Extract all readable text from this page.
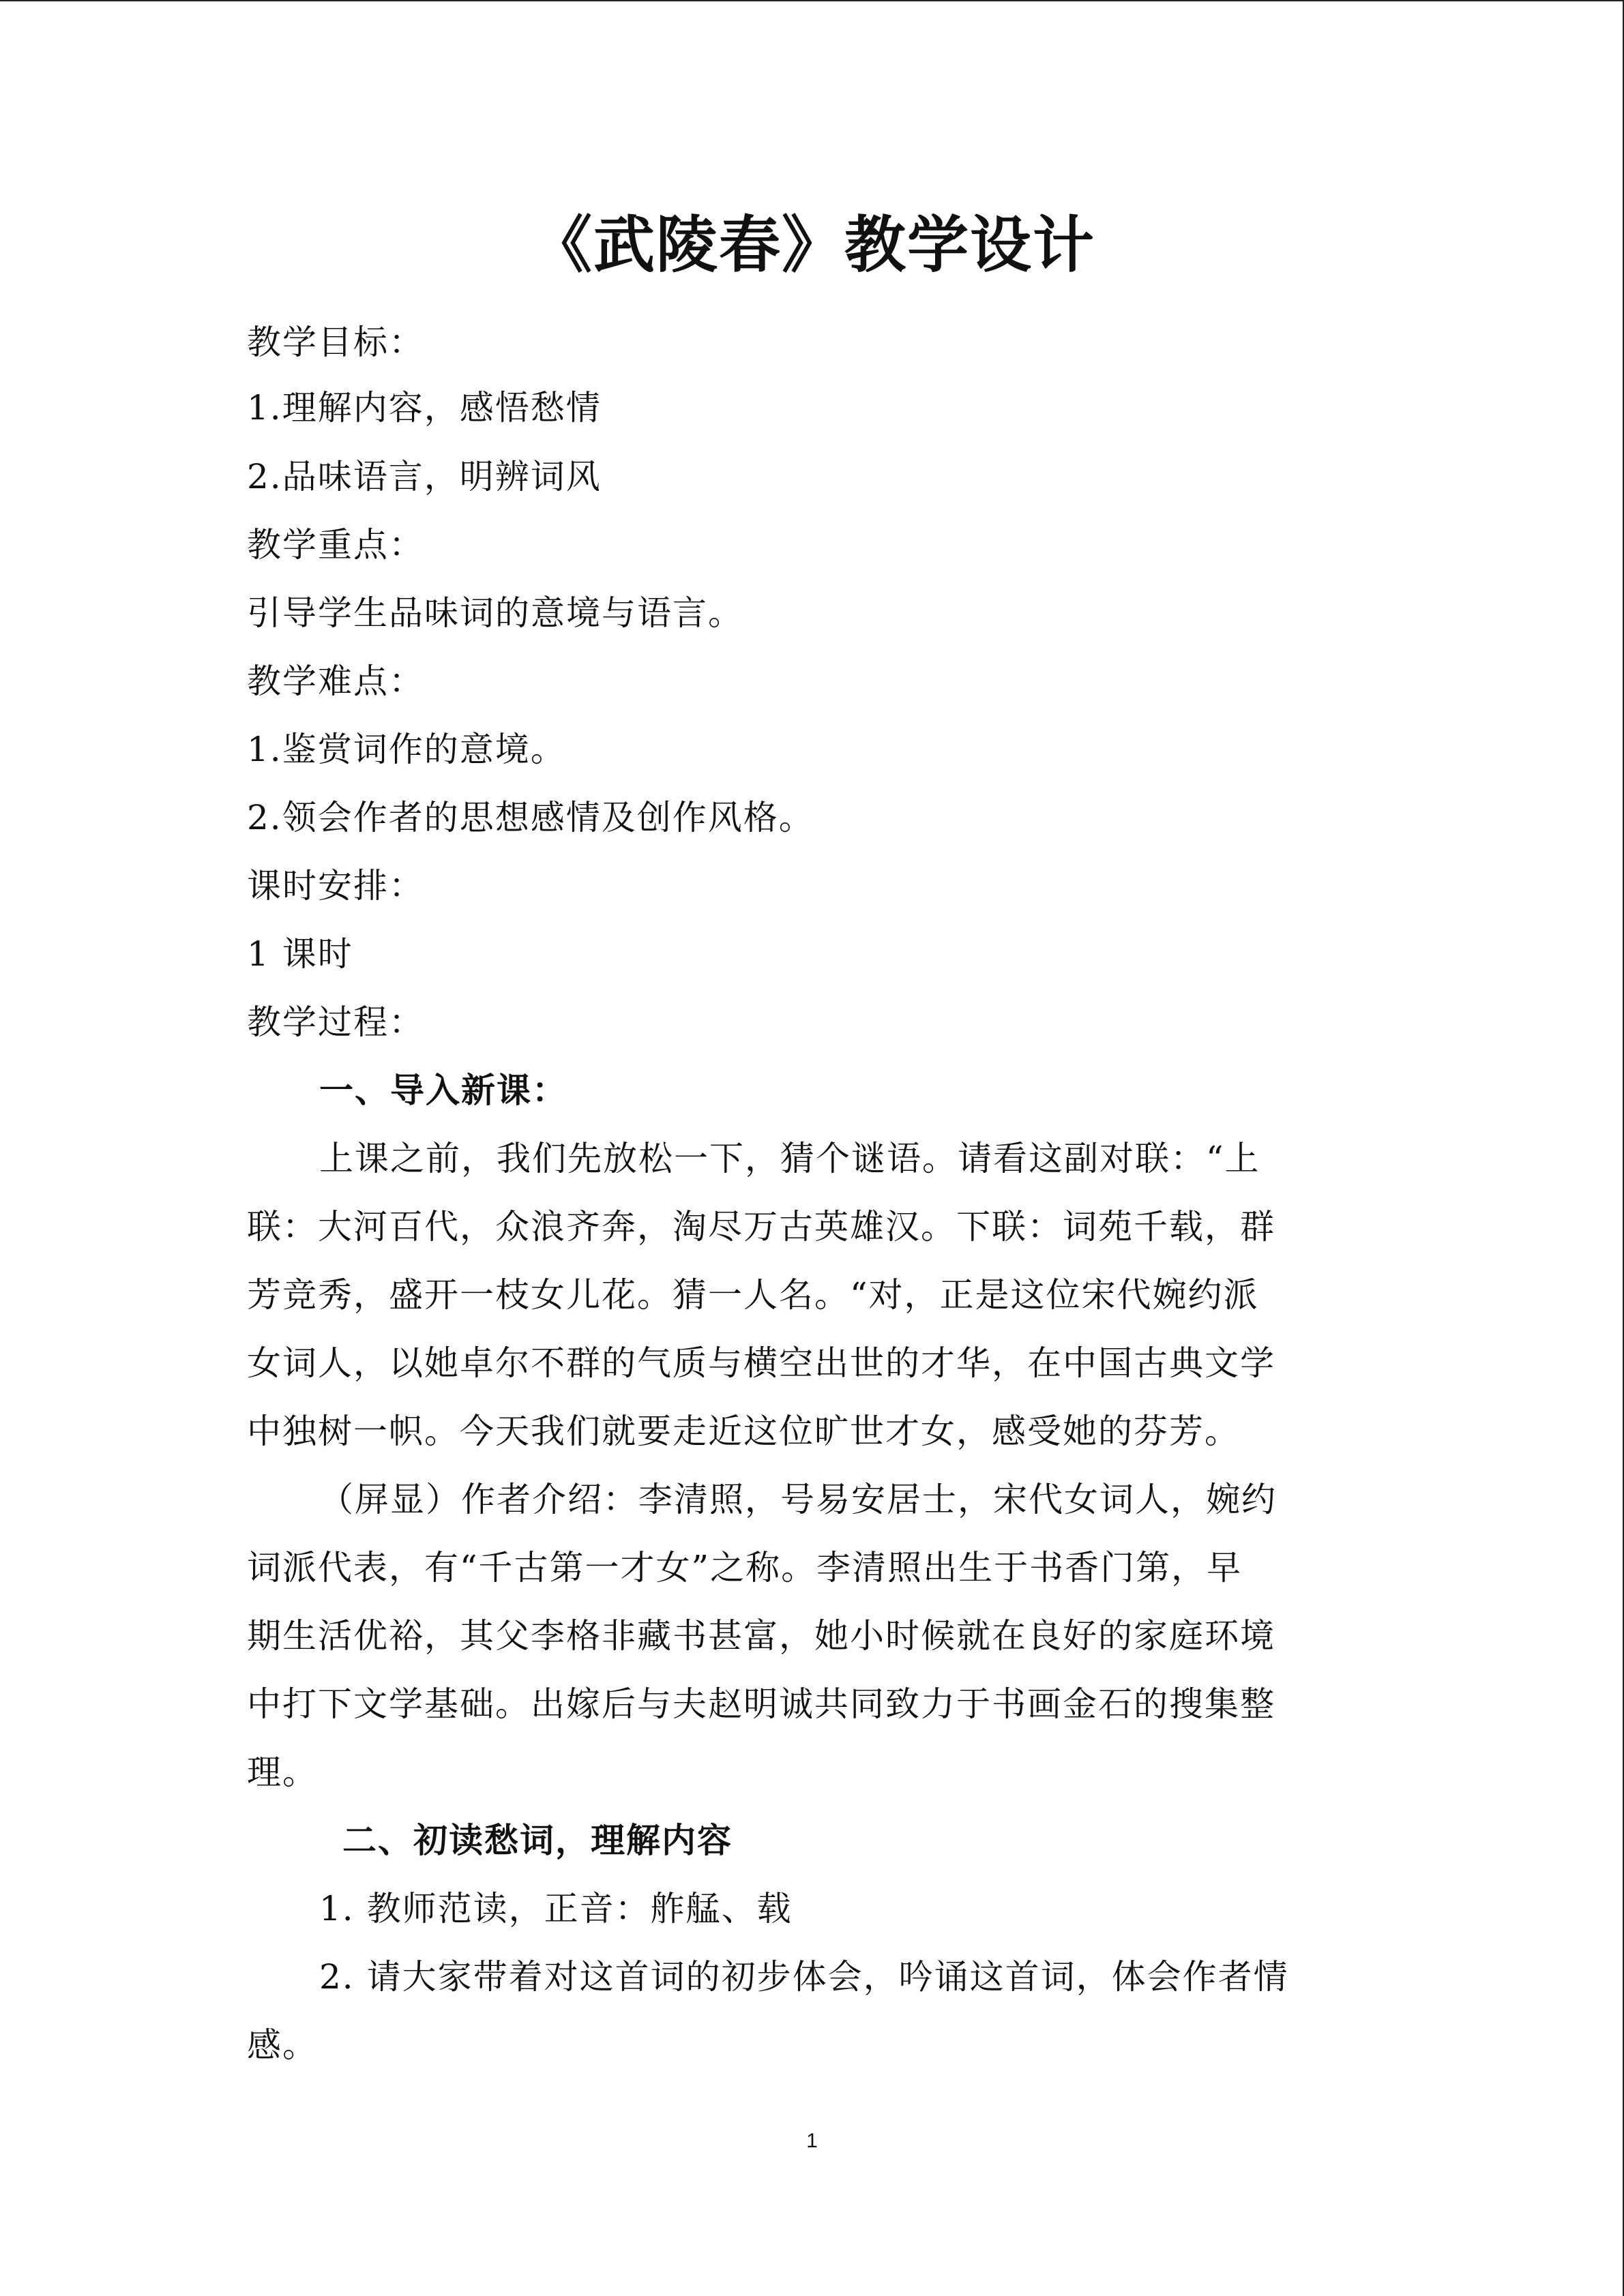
《武陵春》教学设计
教学目标：
1.理解内容，感悟愁情
2.品味语言，明辨词风
教学重点：
引导学生品味词的意境与语言。
教学难点：
1.鉴赏词作的意境。
2.领会作者的思想感情及创作风格。
课时安排：
1 课时
教学过程：
一、导入新课：
上课之前，我们先放松一下，猜个谜语。请看这副对联：“上
联：大河百代，众浪齐奔，淘尽万古英雄汉。下联：词苑千载，群
芳竞秀，盛开一枝女儿花。猜一人名。“对，正是这位宋代婉约派
女词人，以她卓尔不群的气质与横空出世的才华，在中国古典文学
中独树一帜。今天我们就要走近这位旷世才女，感受她的芬芳。
（屏显）作者介绍：李清照，号易安居士，宋代女词人，婉约
词派代表，有“千古第一才女”之称。李清照出生于书香门第，早
期生活优裕，其父李格非藏书甚富，她小时候就在良好的家庭环境
中打下文学基础。出嫁后与夫赵明诚共同致力于书画金石的搜集整
理。
二、初读愁词，理解内容
1. 教师范读，正音：舴艋、载
2. 请大家带着对这首词的初步体会，吟诵这首词，体会作者情
感。
1
